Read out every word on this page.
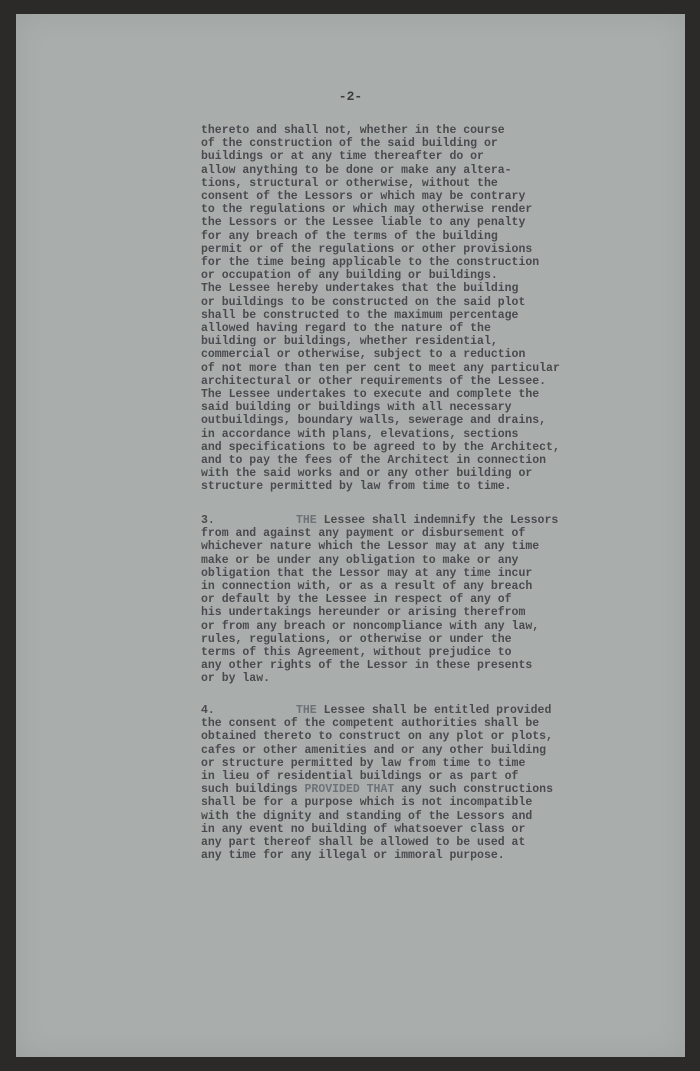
-2-
thereto and shall not, whether in the course
of the construction of the said building or
buildings or at any time thereafter do or
allow anything to be done or make any altera-
tions, structural or otherwise, without the
consent of the Lessors or which may be contrary
to the regulations or which may otherwise render
the Lessors or the Lessee liable to any penalty
for any breach of the terms of the building
permit or of the regulations or other provisions
for the time being applicable to the construction
or occupation of any building or buildings.
The Lessee hereby undertakes that the building
or buildings to be constructed on the said plot
shall be constructed to the maximum percentage
allowed having regard to the nature of the
building or buildings, whether residential,
commercial or otherwise, subject to a reduction
of not more than ten per cent to meet any particular
architectural or other requirements of the Lessee.
The Lessee undertakes to execute and complete the
said building or buildings with all necessary
outbuildings, boundary walls, sewerage and drains,
in accordance with plans, elevations, sections
and specifications to be agreed to by the Architect,
and to pay the fees of the Architect in connection
with the said works and or any other building or
structure permitted by law from time to time.
3.	THE Lessee shall indemnify the Lessors
from and against any payment or disbursement of
whichever nature which the Lessor may at any time
make or be under any obligation to make or any
obligation that the Lessor may at any time incur
in connection with, or as a result of any breach
or default by the Lessee in respect of any of
his undertakings hereunder or arising therefrom
or from any breach or noncompliance with any law,
rules, regulations, or otherwise or under the
terms of this Agreement, without prejudice to
any other rights of the Lessor in these presents
or by law.
4.	THE Lessee shall be entitled provided
the consent of the competent authorities shall be
obtained thereto to construct on any plot or plots,
cafes or other amenities and or any other building
or structure permitted by law from time to time
in lieu of residential buildings or as part of
such buildings PROVIDED THAT any such constructions
shall be for a purpose which is not incompatible
with the dignity and standing of the Lessors and
in any event no building of whatsoever class or
any part thereof shall be allowed to be used at
any time for any illegal or immoral purpose.
